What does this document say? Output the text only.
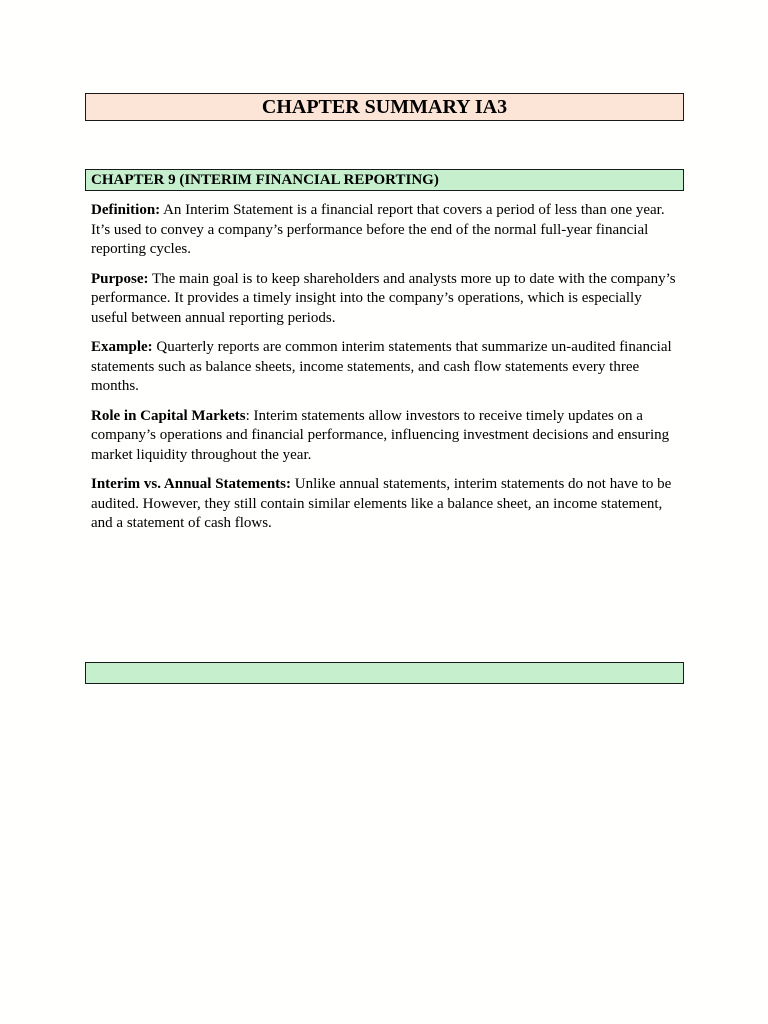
CHAPTER SUMMARY IA3
CHAPTER 9 (INTERIM FINANCIAL REPORTING)

Definition: An Interim Statement is a financial report that covers a period of less than one year. It’s used to convey a company’s performance before the end of the normal full-year financial reporting cycles.

Purpose: The main goal is to keep shareholders and analysts more up to date with the company’s performance. It provides a timely insight into the company’s operations, which is especially useful between annual reporting periods.

Example: Quarterly reports are common interim statements that summarize un-audited financial statements such as balance sheets, income statements, and cash flow statements every three months.

Role in Capital Markets: Interim statements allow investors to receive timely updates on a company’s operations and financial performance, influencing investment decisions and ensuring market liquidity throughout the year.

Interim vs. Annual Statements: Unlike annual statements, interim statements do not have to be audited. However, they still contain similar elements like a balance sheet, an income statement, and a statement of cash flows.
